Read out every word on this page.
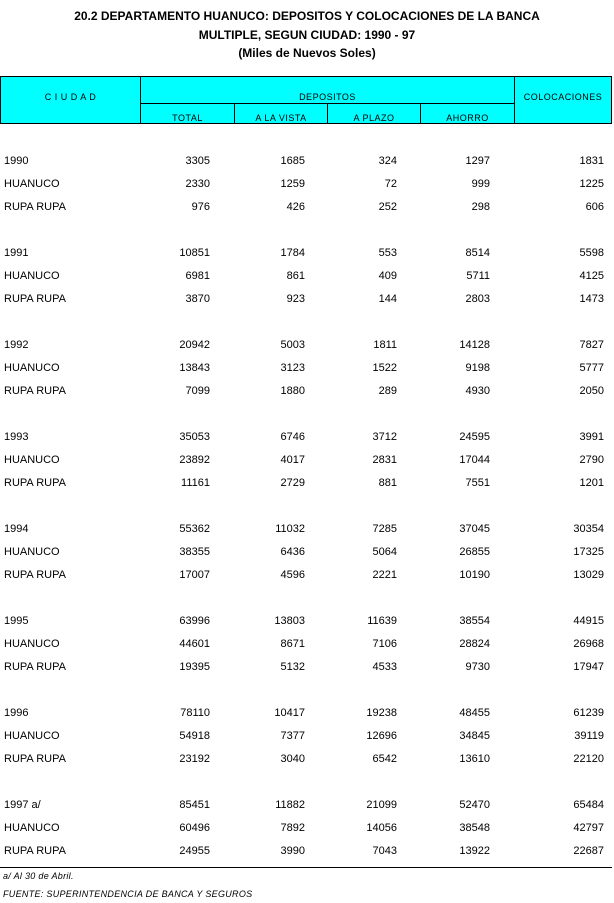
20.2 DEPARTAMENTO HUANUCO: DEPOSITOS Y COLOCACIONES DE LA BANCA
MULTIPLE, SEGUN CIUDAD: 1990 - 97
(Miles de Nuevos Soles)
C I U D A D	DEPOSITOS	COLOCACIONES
TOTAL	A LA VISTA	A PLAZO	AHORRO
1990	3305	1685	324	1297	1831
HUANUCO	2330	1259	72	999	1225
RUPA RUPA	976	426	252	298	606
1991	10851	1784	553	8514	5598
HUANUCO	6981	861	409	5711	4125
RUPA RUPA	3870	923	144	2803	1473
1992	20942	5003	1811	14128	7827
HUANUCO	13843	3123	1522	9198	5777
RUPA RUPA	7099	1880	289	4930	2050
1993	35053	6746	3712	24595	3991
HUANUCO	23892	4017	2831	17044	2790
RUPA RUPA	11161	2729	881	7551	1201
1994	55362	11032	7285	37045	30354
HUANUCO	38355	6436	5064	26855	17325
RUPA RUPA	17007	4596	2221	10190	13029
1995	63996	13803	11639	38554	44915
HUANUCO	44601	8671	7106	28824	26968
RUPA RUPA	19395	5132	4533	9730	17947
1996	78110	10417	19238	48455	61239
HUANUCO	54918	7377	12696	34845	39119
RUPA RUPA	23192	3040	6542	13610	22120
1997 a/	85451	11882	21099	52470	65484
HUANUCO	60496	7892	14056	38548	42797
RUPA RUPA	24955	3990	7043	13922	22687
a/ Al 30 de Abril.
FUENTE: SUPERINTENDENCIA DE BANCA Y SEGUROS
